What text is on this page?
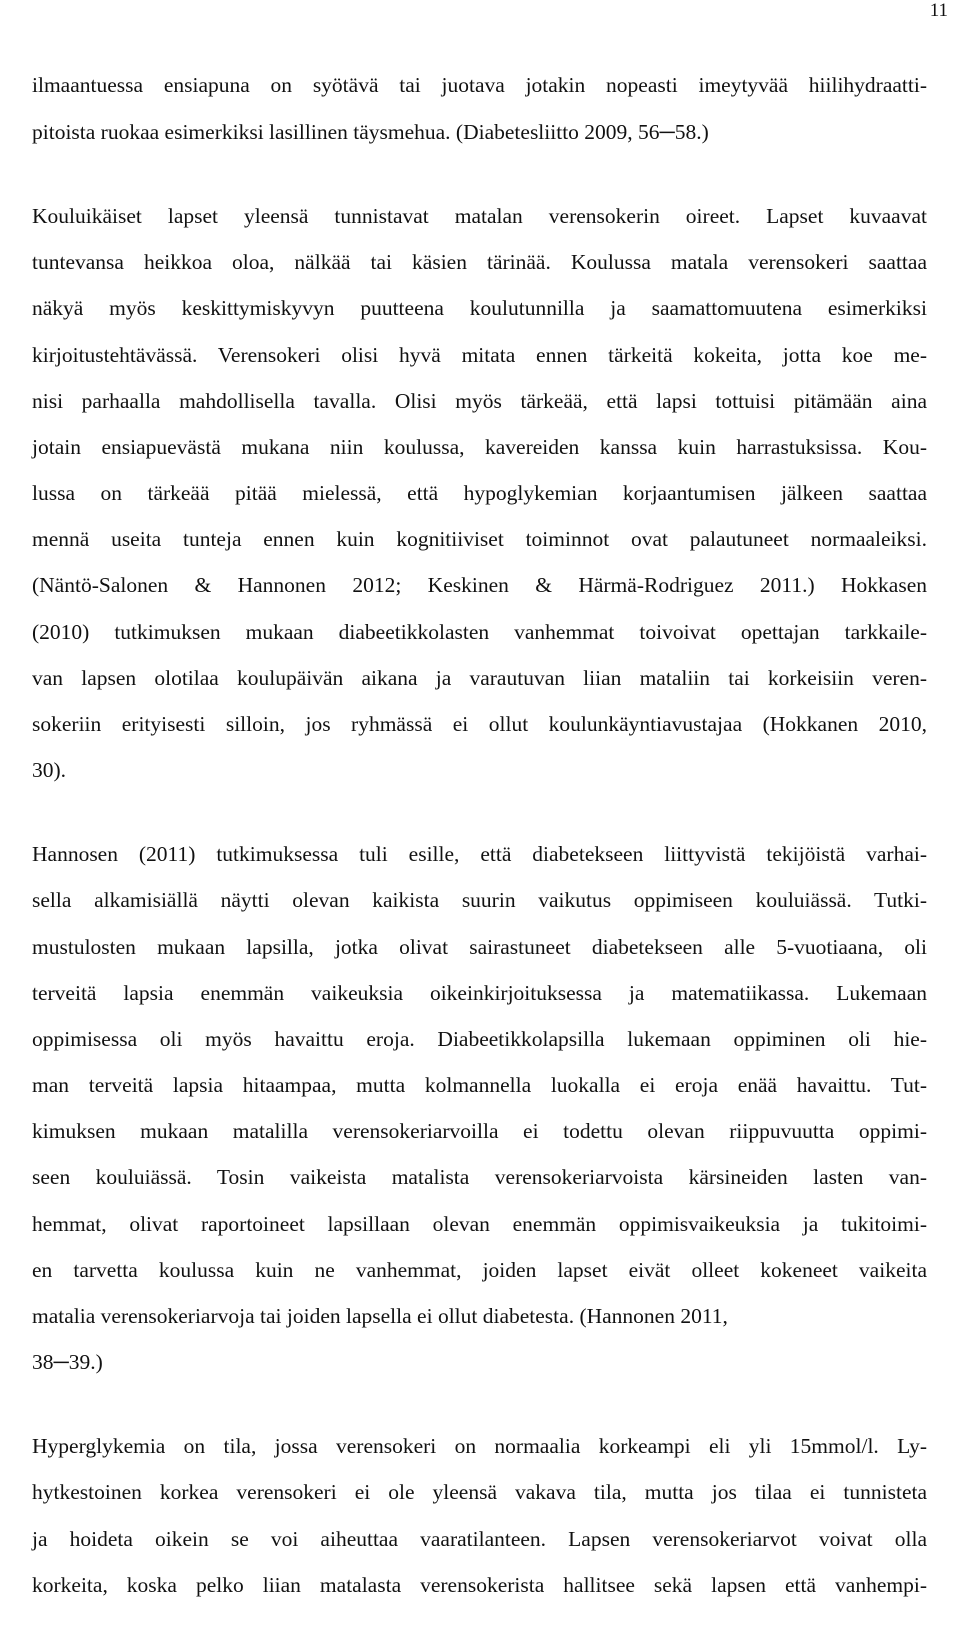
11
ilmaantuessa ensiapuna on syötävä tai juotava jotakin nopeasti imeytyvää hiilihydraatti-
pitoista ruokaa esimerkiksi lasillinen täysmehua. (Diabetesliitto 2009, 56─58.)
Kouluikäiset lapset yleensä tunnistavat matalan verensokerin oireet. Lapset kuvaavat
tuntevansa heikkoa oloa, nälkää tai käsien tärinää. Koulussa matala verensokeri saattaa
näkyä myös keskittymiskyvyn puutteena koulutunnilla ja saamattomuutena esimerkiksi
kirjoitustehtävässä. Verensokeri olisi hyvä mitata ennen tärkeitä kokeita, jotta koe me-
nisi parhaalla mahdollisella tavalla. Olisi myös tärkeää, että lapsi tottuisi pitämään aina
jotain ensiapuevästä mukana niin koulussa, kavereiden kanssa kuin harrastuksissa. Kou-
lussa on tärkeää pitää mielessä, että hypoglykemian korjaantumisen jälkeen saattaa
mennä useita tunteja ennen kuin kognitiiviset toiminnot ovat palautuneet normaaleiksi.
(Näntö-Salonen & Hannonen 2012; Keskinen & Härmä-Rodriguez 2011.) Hokkasen
(2010) tutkimuksen mukaan diabeetikkolasten vanhemmat toivoivat opettajan tarkkaile-
van lapsen olotilaa koulupäivän aikana ja varautuvan liian mataliin tai korkeisiin veren-
sokeriin erityisesti silloin, jos ryhmässä ei ollut koulunkäyntiavustajaa (Hokkanen 2010,
30).
Hannosen (2011) tutkimuksessa tuli esille, että diabetekseen liittyvistä tekijöistä varhai-
sella alkamisiällä näytti olevan kaikista suurin vaikutus oppimiseen kouluiässä. Tutki-
mustulosten mukaan lapsilla, jotka olivat sairastuneet diabetekseen alle 5-vuotiaana, oli
terveitä lapsia enemmän vaikeuksia oikeinkirjoituksessa ja matematiikassa. Lukemaan
oppimisessa oli myös havaittu eroja. Diabeetikkolapsilla lukemaan oppiminen oli hie-
man terveitä lapsia hitaampaa, mutta kolmannella luokalla ei eroja enää havaittu. Tut-
kimuksen mukaan matalilla verensokeriarvoilla ei todettu olevan riippuvuutta oppimi-
seen kouluiässä. Tosin vaikeista matalista verensokeriarvoista kärsineiden lasten van-
hemmat, olivat raportoineet lapsillaan olevan enemmän oppimisvaikeuksia ja tukitoimi-
en tarvetta koulussa kuin ne vanhemmat, joiden lapset eivät olleet kokeneet vaikeita
matalia verensokeriarvoja tai joiden lapsella ei ollut diabetesta. (Hannonen 2011,
38─39.)
Hyperglykemia on tila, jossa verensokeri on normaalia korkeampi eli yli 15mmol/l. Ly-
hytkestoinen korkea verensokeri ei ole yleensä vakava tila, mutta jos tilaa ei tunnisteta
ja hoideta oikein se voi aiheuttaa vaaratilanteen. Lapsen verensokeriarvot voivat olla
korkeita, koska pelko liian matalasta verensokerista hallitsee sekä lapsen että vanhempi-
